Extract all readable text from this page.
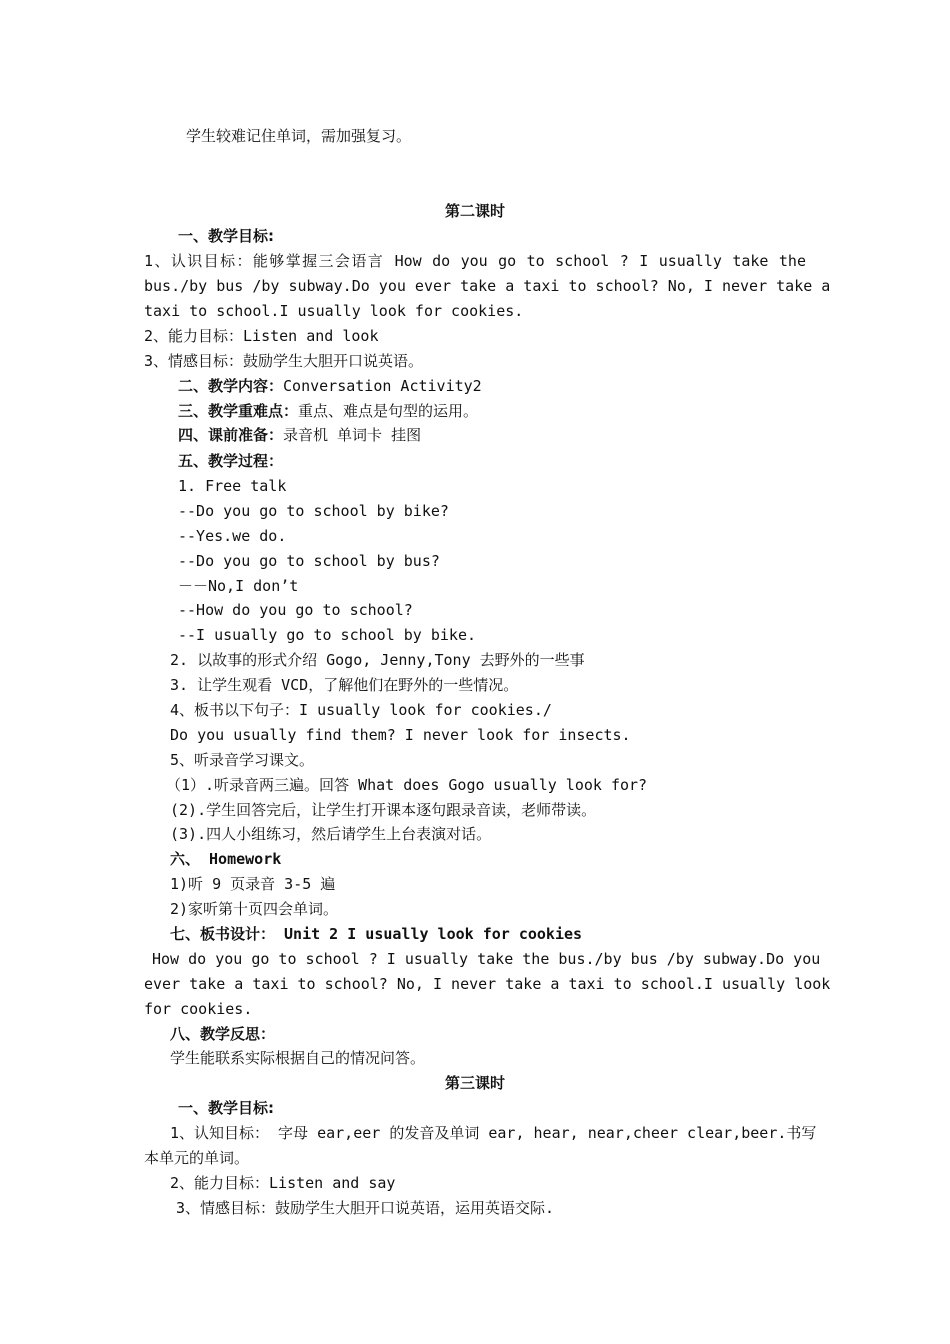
学生较难记住单词，需加强复习。
第二课时
一、教学目标:
1、认识目标：能够掌握三会语言 How do you go to school ? I usually take the
bus./by bus /by subway.Do you ever take a taxi to school? No, I never take a
taxi to school.I usually look for cookies.
2、能力目标：Listen and look
3、情感目标：鼓励学生大胆开口说英语。
二、教学内容：Conversation Activity2
三、教学重难点：重点、难点是句型的运用。
四、课前准备：录音机 单词卡 挂图
五、教学过程：
1. Free talk
--Do you go to school by bike?
--Yes.we do.
--Do you go to school by bus?
－－No,I don’t
--How do you go to school?
--I usually go to school by bike.
2. 以故事的形式介绍 Gogo, Jenny,Tony 去野外的一些事
3. 让学生观看 VCD，了解他们在野外的一些情况。
4、板书以下句子：I usually look for cookies./
Do you usually find them? I never look for insects.
5、听录音学习课文。
（1）.听录音两三遍。回答 What does Gogo usually look for?
(2).学生回答完后，让学生打开课本逐句跟录音读，老师带读。
(3).四人小组练习，然后请学生上台表演对话。
六、 Homework
1)听 9 页录音 3-5 遍
2)家听第十页四会单词。
七、板书设计： Unit 2 I usually look for cookies
How do you go to school ? I usually take the bus./by bus /by subway.Do you
ever take a taxi to school? No, I never take a taxi to school.I usually look
for cookies.
八、教学反思：
学生能联系实际根据自己的情况问答。
第三课时
一、教学目标:
1、认知目标： 字母 ear,eer 的发音及单词 ear, hear, near,cheer clear,beer.书写
本单元的单词。
2、能力目标：Listen and say
3、情感目标：鼓励学生大胆开口说英语，运用英语交际.
